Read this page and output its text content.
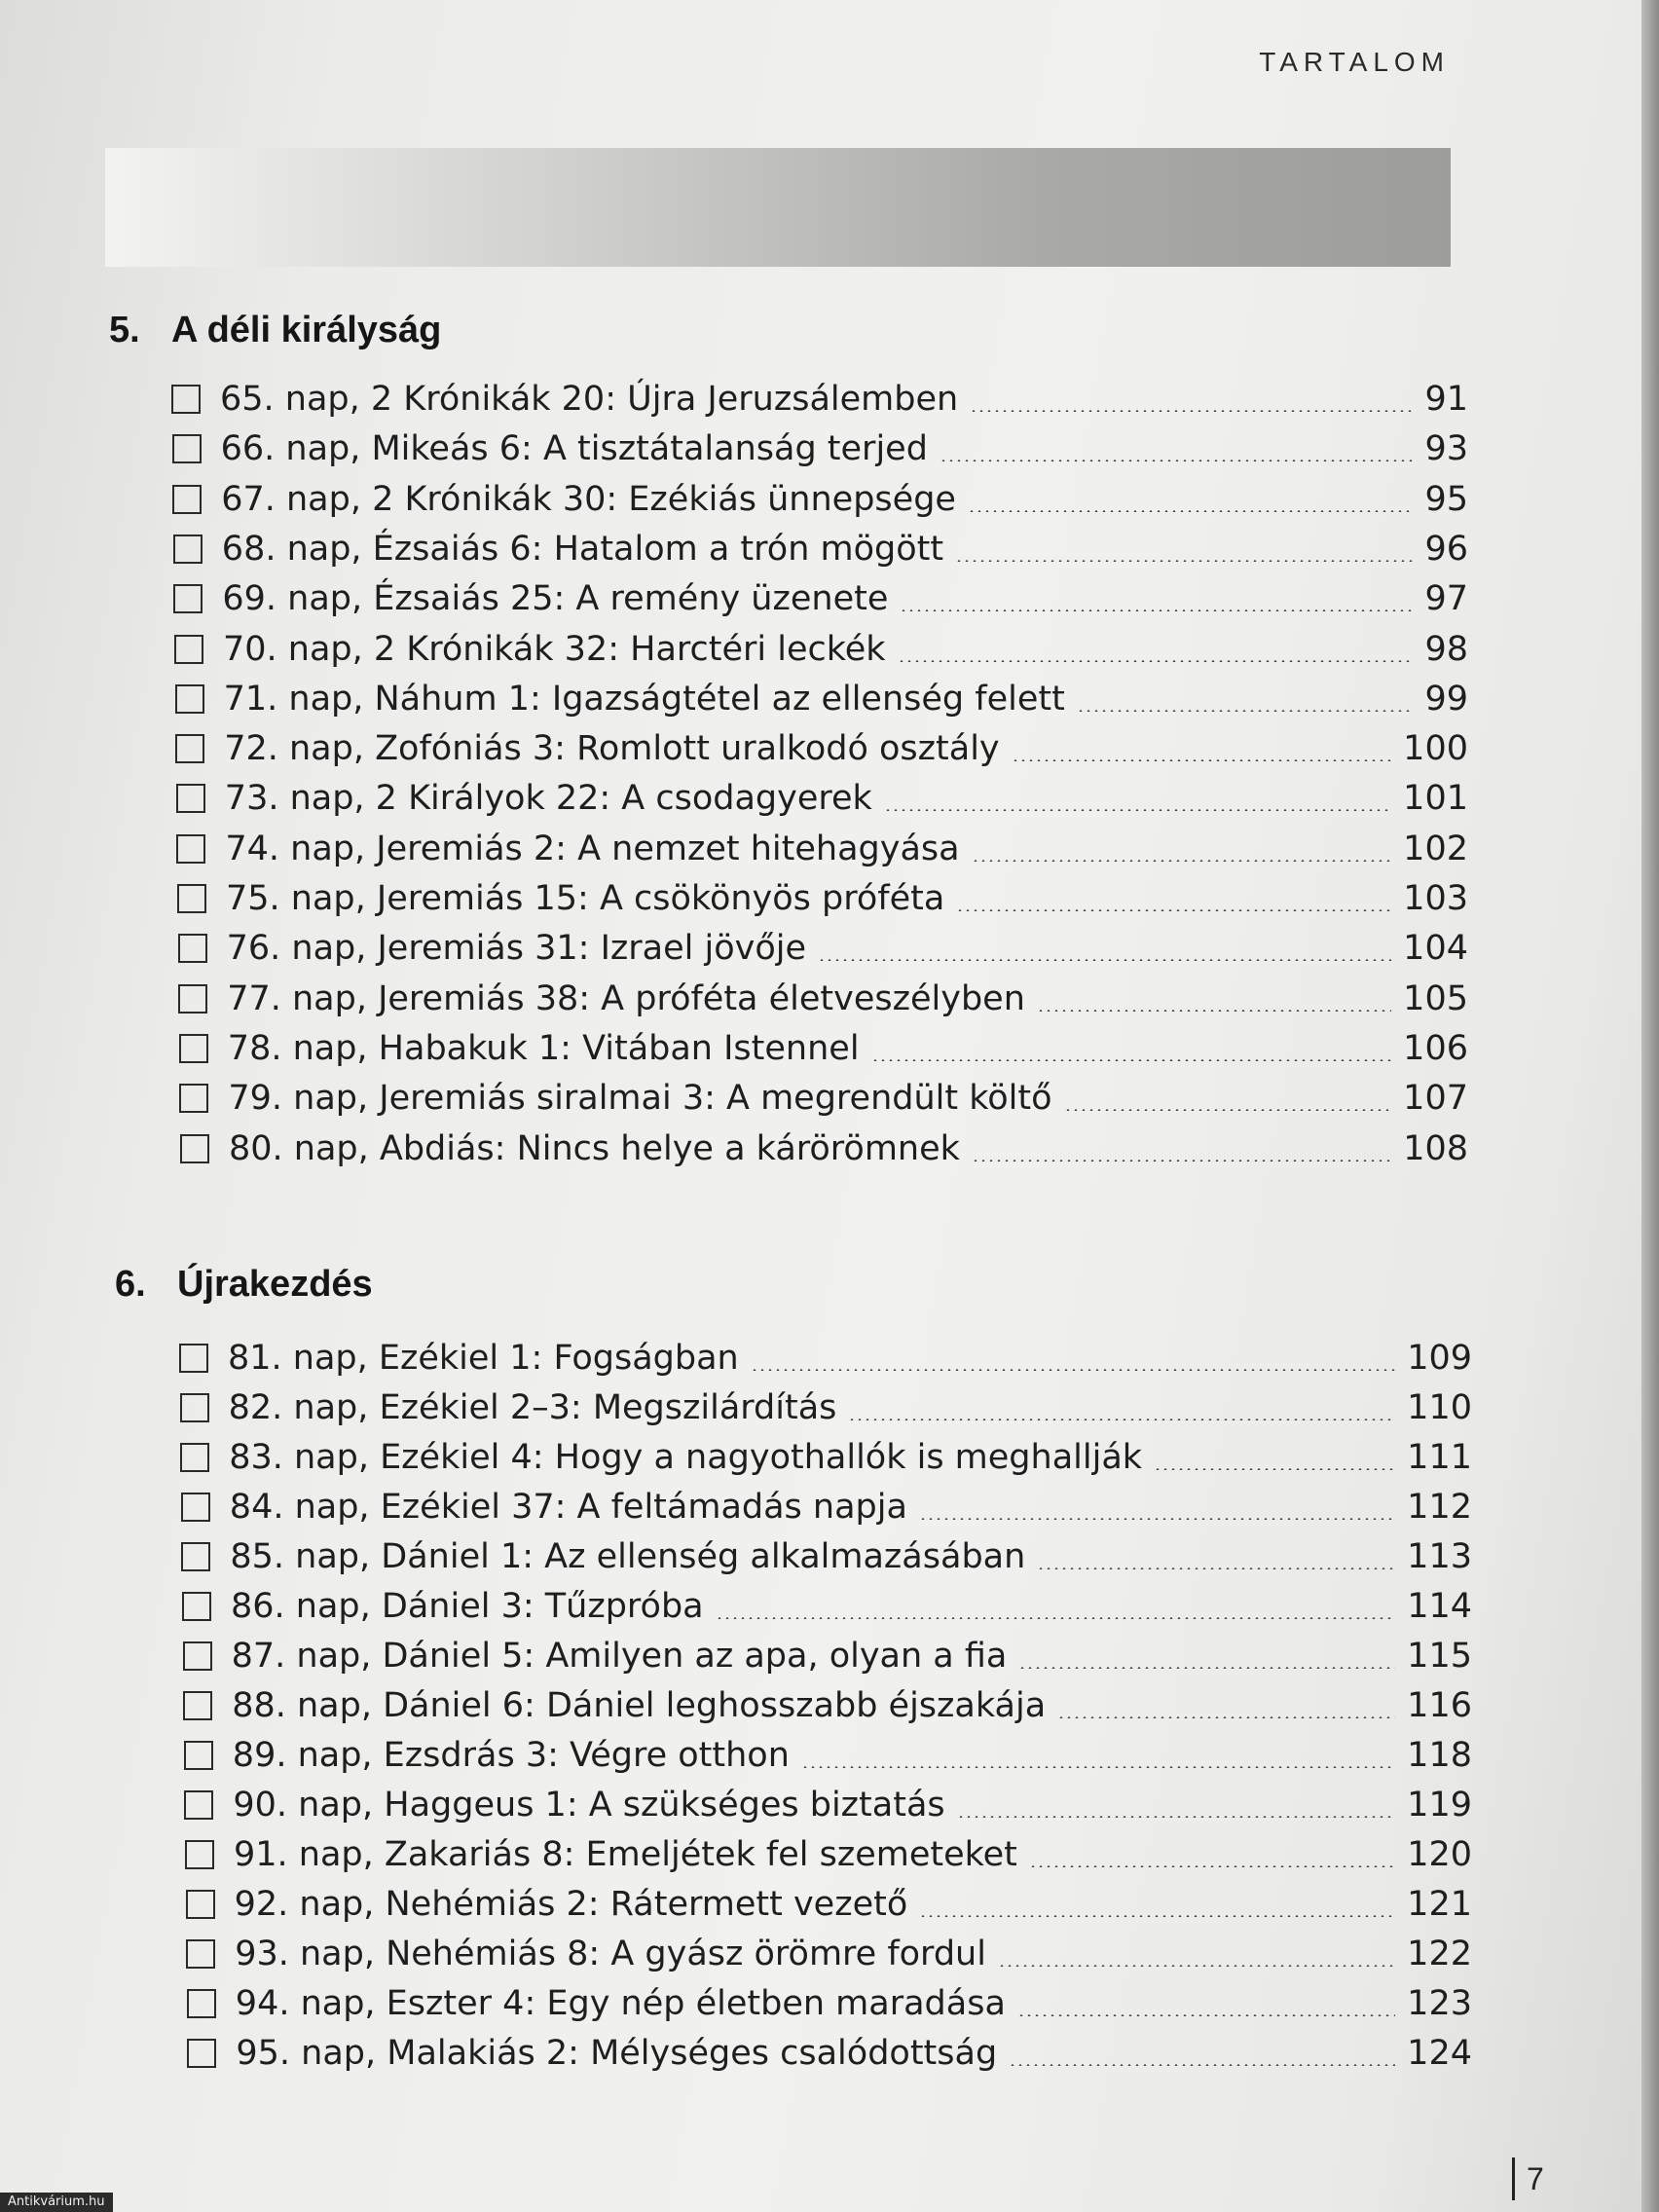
TARTALOM
5. A déli királyság
65. nap, 2 Krónikák 20: Újra Jeruzsálemben	91
66. nap, Mikeás 6: A tisztátalanság terjed	93
67. nap, 2 Krónikák 30: Ezékiás ünnepsége	95
68. nap, Ézsaiás 6: Hatalom a trón mögött	96
69. nap, Ézsaiás 25: A remény üzenete	97
70. nap, 2 Krónikák 32: Harctéri leckék	98
71. nap, Náhum 1: Igazságtétel az ellenség felett	99
72. nap, Zofóniás 3: Romlott uralkodó osztály	100
73. nap, 2 Királyok 22: A csodagyerek	101
74. nap, Jeremiás 2: A nemzet hitehagyása	102
75. nap, Jeremiás 15: A csökönyös próféta	103
76. nap, Jeremiás 31: Izrael jövője	104
77. nap, Jeremiás 38: A próféta életveszélyben	105
78. nap, Habakuk 1: Vitában Istennel	106
79. nap, Jeremiás siralmai 3: A megrendült költő	107
80. nap, Abdiás: Nincs helye a kárörömnek	108
6. Újrakezdés
81. nap, Ezékiel 1: Fogságban	109
82. nap, Ezékiel 2–3: Megszilárdítás	110
83. nap, Ezékiel 4: Hogy a nagyothallók is meghallják	111
84. nap, Ezékiel 37: A feltámadás napja	112
85. nap, Dániel 1: Az ellenség alkalmazásában	113
86. nap, Dániel 3: Tűzpróba	114
87. nap, Dániel 5: Amilyen az apa, olyan a fia	115
88. nap, Dániel 6: Dániel leghosszabb éjszakája	116
89. nap, Ezsdrás 3: Végre otthon	118
90. nap, Haggeus 1: A szükséges biztatás	119
91. nap, Zakariás 8: Emeljétek fel szemeteket	120
92. nap, Nehémiás 2: Rátermett vezető	121
93. nap, Nehémiás 8: A gyász örömre fordul	122
94. nap, Eszter 4: Egy nép életben maradása	123
95. nap, Malakiás 2: Mélységes csalódottság	124
7
Antikvárium.hu
